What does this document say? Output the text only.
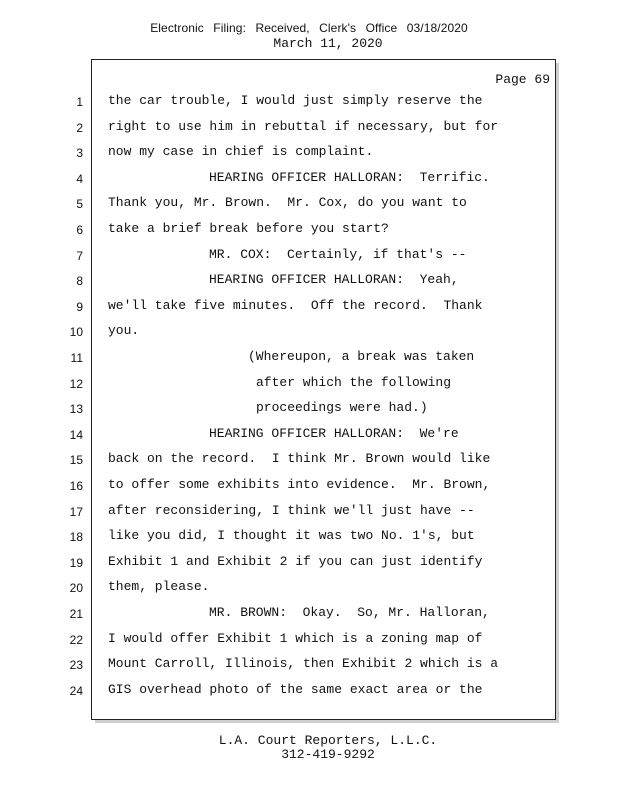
Electronic Filing: Received, Clerk's Office 03/18/2020
March 11, 2020
Page 69
1 the car trouble, I would just simply reserve the
2 right to use him in rebuttal if necessary, but for
3 now my case in chief is complaint.
4	HEARING OFFICER HALLORAN:  Terrific.
5 Thank you, Mr. Brown.  Mr. Cox, do you want to
6 take a brief break before you start?
7	MR. COX:  Certainly, if that's --
8	HEARING OFFICER HALLORAN:  Yeah,
9 we'll take five minutes.  Off the record.  Thank
10 you.
11	(Whereupon, a break was taken
12	after which the following
13	proceedings were had.)
14	HEARING OFFICER HALLORAN:  We're
15 back on the record.  I think Mr. Brown would like
16 to offer some exhibits into evidence.  Mr. Brown,
17 after reconsidering, I think we'll just have --
18 like you did, I thought it was two No. 1's, but
19 Exhibit 1 and Exhibit 2 if you can just identify
20 them, please.
21	MR. BROWN:  Okay.  So, Mr. Halloran,
22 I would offer Exhibit 1 which is a zoning map of
23 Mount Carroll, Illinois, then Exhibit 2 which is a
24 GIS overhead photo of the same exact area or the
L.A. Court Reporters, L.L.C.
312-419-9292
